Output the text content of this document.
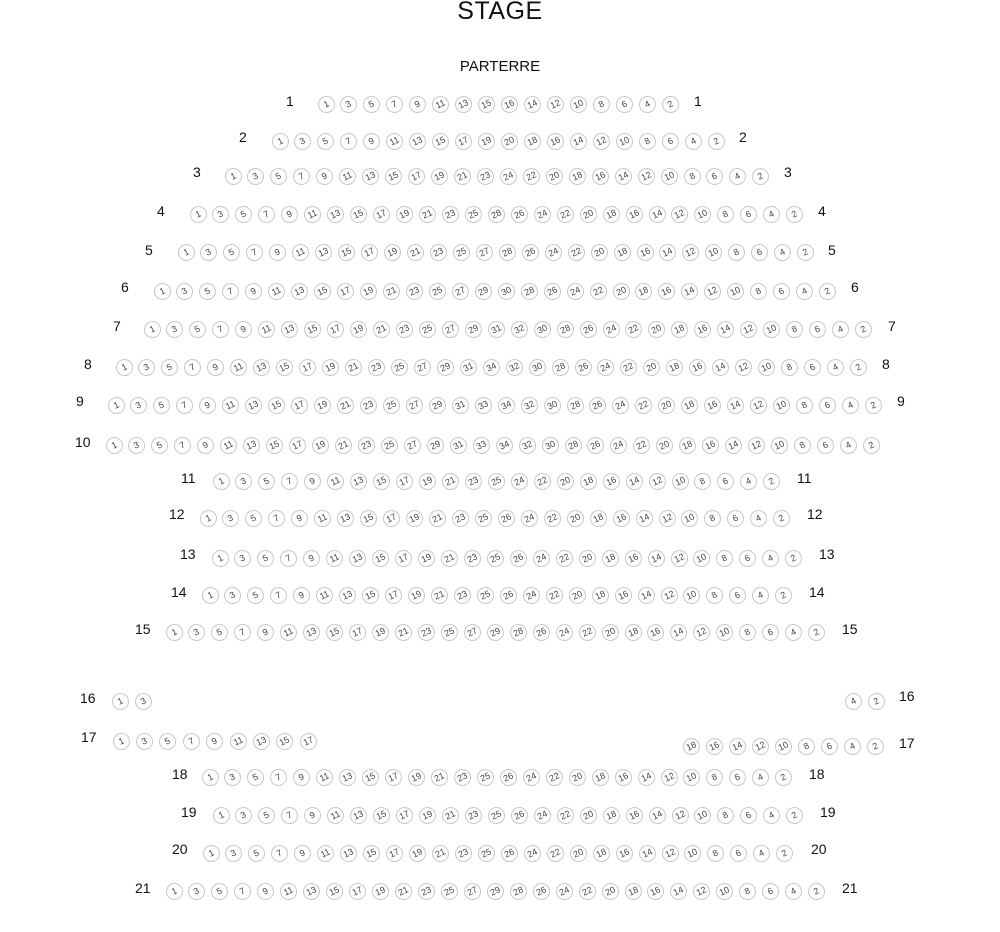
STAGE
PARTERRE
1	3	5	7	9	11	13	15	16	14	12	10	8	6	4	2
1	1
1	3	5	7	9	11	13	15	17	19	20	18	16	14	12	10	8	6	4	2
2	2
1	3	5	7	9	11	13	15	17	19	21	23	24	22	20	18	16	14	12	10	8	6	4	2
3	3
1	3	5	7	9	11	13	15	17	19	21	23	25	28	26	24	22	20	18	16	14	12	10	8	6	4	2
4	4
1	3	5	7	9	11	13	15	17	19	21	23	25	27	28	26	24	22	20	18	16	14	12	10	8	6	4	2
5	5
1	3	5	7	9	11	13	15	17	19	21	23	25	27	29	30	28	26	24	22	20	18	16	14	12	10	8	6	4	2
6	6
1	3	5	7	9	11	13	15	17	19	21	23	25	27	29	31	32	30	28	26	24	22	20	18	16	14	12	10	8	6	4	2
7	7
1	3	5	7	9	11	13	15	17	19	21	23	25	27	29	31	34	32	30	28	26	24	22	20	18	16	14	12	10	8	6	4	2
8	8
1	3	5	7	9	11	13	15	17	19	21	23	25	27	29	31	33	34	32	30	28	26	24	22	20	18	16	14	12	10	8	6	4	2
9	9
1	3	5	7	9	11	13	15	17	19	21	23	25	27	29	31	33	34	32	30	28	26	24	22	20	18	16	14	12	10	8	6	4	2
10
1	3	5	7	9	11	13	15	17	19	21	23	25	24	22	20	18	16	14	12	10	8	6	4	2
11	11
1	3	5	7	9	11	13	15	17	19	21	23	25	26	24	22	20	18	16	14	12	10	8	6	4	2
12	12
1	3	5	7	9	11	13	15	17	19	21	23	25	26	24	22	20	18	16	14	12	10	8	6	4	2
13	13
1	3	5	7	9	11	13	15	17	19	21	23	25	26	24	22	20	18	16	14	12	10	8	6	4	2
14	14
1	3	5	7	9	11	13	15	17	19	21	23	25	27	29	28	26	24	22	20	18	16	14	12	10	8	6	4	2
15	15
1	3	4	2
16	16
1	3	5	7	9	11	13	15	17	18	16	14	12	10	8	6	4	2
17	17
1	3	5	7	9	11	13	15	17	19	21	23	25	26	24	22	20	18	16	14	12	10	8	6	4	2
18	18
1	3	5	7	9	11	13	15	17	19	21	23	25	26	24	22	20	18	16	14	12	10	8	6	4	2
19	19
1	3	5	7	9	11	13	15	17	19	21	23	25	26	24	22	20	18	16	14	12	10	8	6	4	2
20	20
1	3	5	7	9	11	13	15	17	19	21	23	25	27	29	28	26	24	22	20	18	16	14	12	10	8	6	4	2
21	21
